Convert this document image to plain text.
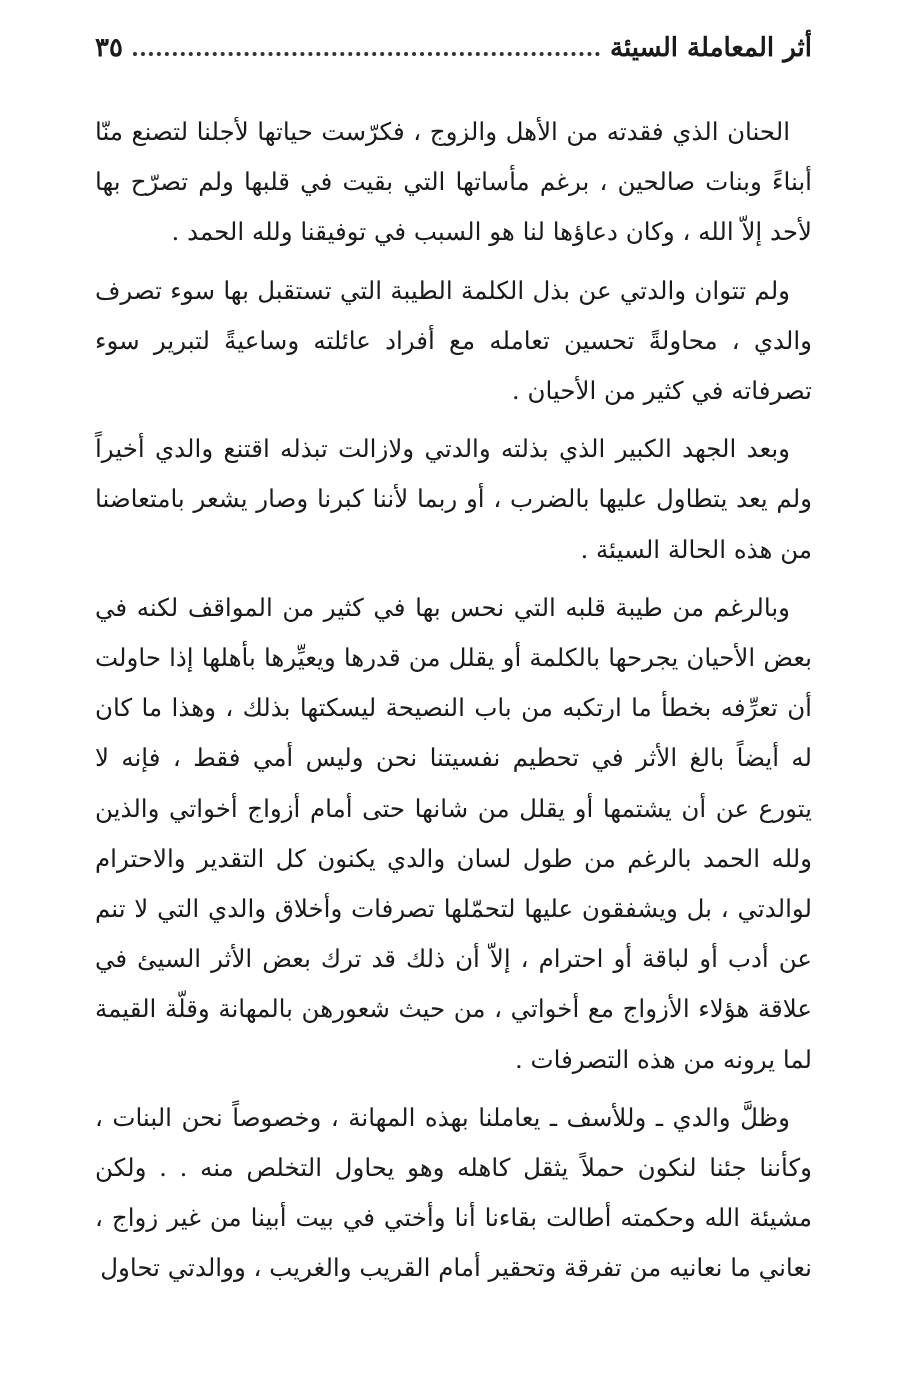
أثر المعاملة السيئة
٣٥

الحنان الذي فقدته من الأهل والزوج ، فكرّست حياتها لأجلنا لتصنع منّا أبناءً وبنات صالحين ، برغم مأساتها التي بقيت في قلبها ولم تصرّح بها لأحد إلاّ الله ، وكان دعاؤها لنا هو السبب في توفيقنا ولله الحمد .

ولم تتوان والدتي عن بذل الكلمة الطيبة التي تستقبل بها سوء تصرف والدي ، محاولةً تحسين تعامله مع أفراد عائلته وساعيةً لتبرير سوء تصرفاته في كثير من الأحيان .

وبعد الجهد الكبير الذي بذلته والدتي ولازالت تبذله اقتنع والدي أخيراً ولم يعد يتطاول عليها بالضرب ، أو ربما لأننا كبرنا وصار يشعر بامتعاضنا من هذه الحالة السيئة .

وبالرغم من طيبة قلبه التي نحس بها في كثير من المواقف لكنه في بعض الأحيان يجرحها بالكلمة أو يقلل من قدرها ويعيِّرها بأهلها إذا حاولت أن تعرِّفه بخطأ ما ارتكبه من باب النصيحة ليسكتها بذلك ، وهذا ما كان له أيضاً بالغ الأثر في تحطيم نفسيتنا نحن وليس أمي فقط ، فإنه لا يتورع عن أن يشتمها أو يقلل من شانها حتى أمام أزواج أخواتي والذين ولله الحمد بالرغم من طول لسان والدي يكنون كل التقدير والاحترام لوالدتي ، بل ويشفقون عليها لتحمّلها تصرفات وأخلاق والدي التي لا تنم عن أدب أو لباقة أو احترام ، إلاّ أن ذلك قد ترك بعض الأثر السيئ في علاقة هؤلاء الأزواج مع أخواتي ، من حيث شعورهن بالمهانة وقلّة القيمة لما يرونه من هذه التصرفات .

وظلَّ والدي ـ وللأسف ـ يعاملنا بهذه المهانة ، وخصوصاً نحن البنات ، وكأننا جئنا لنكون حملاً يثقل كاهله وهو يحاول التخلص منه . . ولكن مشيئة الله وحكمته أطالت بقاءنا أنا وأختي في بيت أبينا من غير زواج ، نعاني ما نعانيه من تفرقة وتحقير أمام القريب والغريب ، ووالدتي تحاول
